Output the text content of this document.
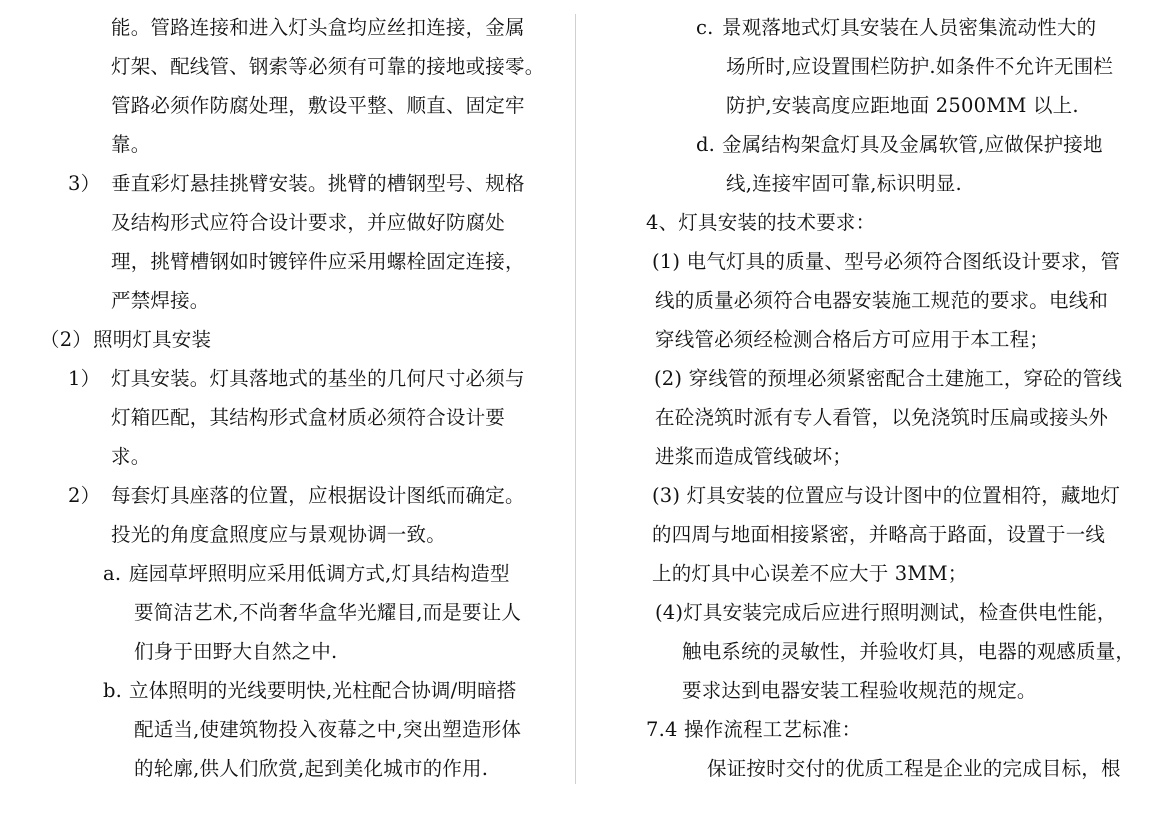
能。管路连接和进入灯头盒均应丝扣连接，金属
灯架、配线管、钢索等必须有可靠的接地或接零。
管路必须作防腐处理，敷设平整、顺直、固定牢
靠。
3） 垂直彩灯悬挂挑臂安装。挑臂的槽钢型号、规格
及结构形式应符合设计要求，并应做好防腐处
理，挑臂槽钢如时镀锌件应采用螺栓固定连接，
严禁焊接。
（2） 照明灯具安装
1） 灯具安装。灯具落地式的基坐的几何尺寸必须与
灯箱匹配，其结构形式盒材质必须符合设计要
求。
2） 每套灯具座落的位置，应根据设计图纸而确定。
投光的角度盒照度应与景观协调一致。
a. 庭园草坪照明应采用低调方式,灯具结构造型
要简洁艺术,不尚奢华盒华光耀目,而是要让人
们身于田野大自然之中.
b. 立体照明的光线要明快,光柱配合协调/明暗搭
配适当,使建筑物投入夜幕之中,突出塑造形体
的轮廓,供人们欣赏,起到美化城市的作用.
c. 景观落地式灯具安装在人员密集流动性大的
场所时,应设置围栏防护.如条件不允许无围栏
防护,安装高度应距地面 2500MM 以上.
d. 金属结构架盒灯具及金属软管,应做保护接地
线,连接牢固可靠,标识明显.
4、灯具安装的技术要求：
(1) 电气灯具的质量、型号必须符合图纸设计要求，管
线的质量必须符合电器安装施工规范的要求。电线和
穿线管必须经检测合格后方可应用于本工程；
(2) 穿线管的预埋必须紧密配合土建施工，穿砼的管线
在砼浇筑时派有专人看管，以免浇筑时压扁或接头外
进浆而造成管线破坏；
(3) 灯具安装的位置应与设计图中的位置相符，藏地灯
的四周与地面相接紧密，并略高于路面，设置于一线
上的灯具中心误差不应大于 3MM；
(4)灯具安装完成后应进行照明测试，检查供电性能，
触电系统的灵敏性，并验收灯具，电器的观感质量，
要求达到电器安装工程验收规范的规定。
7.4 操作流程工艺标准：
保证按时交付的优质工程是企业的完成目标，根
